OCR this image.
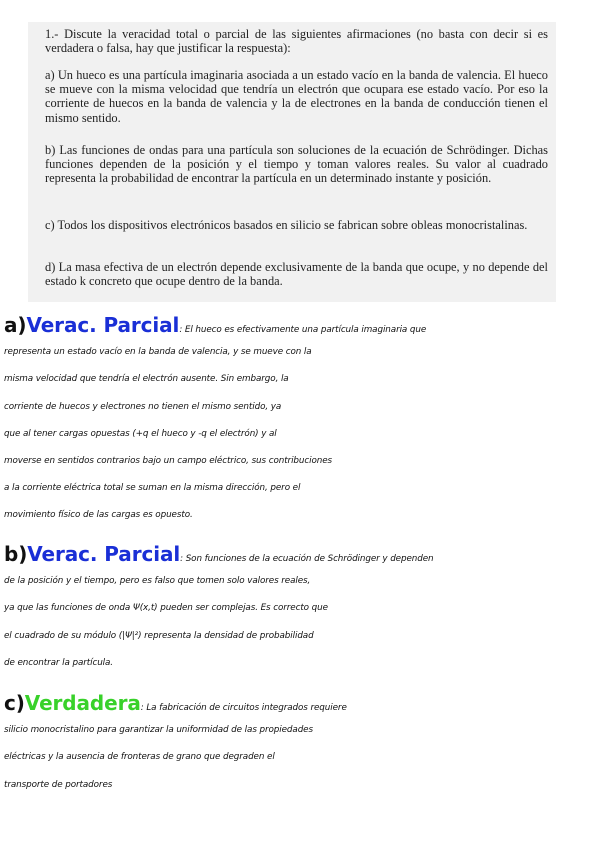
1.- Discute la veracidad total o parcial de las siguientes afirmaciones (no basta con decir si es verdadera o falsa, hay que justificar la respuesta):

a) Un hueco es una partícula imaginaria asociada a un estado vacío en la banda de valencia. El hueco se mueve con la misma velocidad que tendría un electrón que ocupara ese estado vacío. Por eso la corriente de huecos en la banda de valencia y la de electrones en la banda de conducción tienen el mismo sentido.

b) Las funciones de ondas para una partícula son soluciones de la ecuación de Schrödinger. Dichas funciones dependen de la posición y el tiempo y toman valores reales. Su valor al cuadrado representa la probabilidad de encontrar la partícula en un determinado instante y posición.

c) Todos los dispositivos electrónicos basados en silicio se fabrican sobre obleas monocristalinas.

d) La masa efectiva de un electrón depende exclusivamente de la banda que ocupe, y no depende del estado k concreto que ocupe dentro de la banda.

a)Verac. Parcial: El hueco es efectivamente una partícula imaginaria que
representa un estado vacío en la banda de valencia, y se mueve con la
misma velocidad que tendría el electrón ausente. Sin embargo, la
corriente de huecos y electrones no tienen el mismo sentido, ya
que al tener cargas opuestas (+q el hueco y -q el electrón) y al
moverse en sentidos contrarios bajo un campo eléctrico, sus contribuciones
a la corriente eléctrica total se suman en la misma dirección, pero el
movimiento físico de las cargas es opuesto.
b)Verac. Parcial: Son funciones de la ecuación de Schrödinger y dependen
de la posición y el tiempo, pero es falso que tomen solo valores reales,
ya que las funciones de onda Ψ(x,t) pueden ser complejas. Es correcto que
el cuadrado de su módulo (|Ψ|²) representa la densidad de probabilidad
de encontrar la partícula.
c)Verdadera: La fabricación de circuitos integrados requiere
silicio monocristalino para garantizar la uniformidad de las propiedades
eléctricas y la ausencia de fronteras de grano que degraden el
transporte de portadores
